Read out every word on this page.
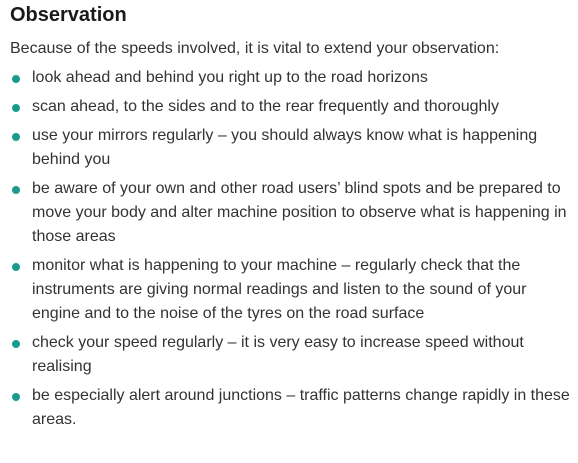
Observation

Because of the speeds involved, it is vital to extend your observation:

look ahead and behind you right up to the road horizons
scan ahead, to the sides and to the rear frequently and thoroughly
use your mirrors regularly – you should always know what is happening behind you
be aware of your own and other road users’ blind spots and be prepared to move your body and alter machine position to observe what is happening in those areas
monitor what is happening to your machine – regularly check that the instruments are giving normal readings and listen to the sound of your engine and to the noise of the tyres on the road surface
check your speed regularly – it is very easy to increase speed without realising
be especially alert around junctions – traffic patterns change rapidly in these areas.
